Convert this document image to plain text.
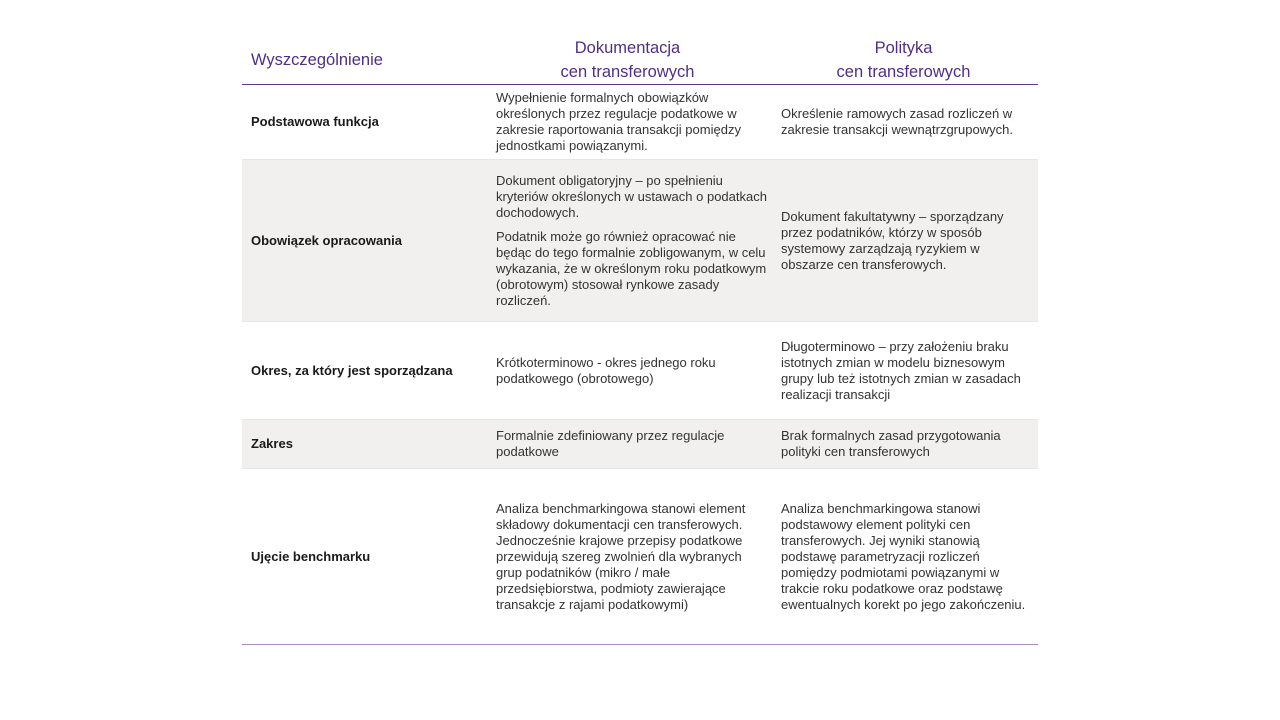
Wyszczególnienie
Dokumentacja
cen transferowych
Polityka
cen transferowych
Podstawowa funkcja
Wypełnienie formalnych obowiązków określonych przez regulacje podatkowe w zakresie raportowania transakcji pomiędzy jednostkami powiązanymi.
Określenie ramowych zasad rozliczeń w zakresie transakcji wewnątrzgrupowych.
Obowiązek opracowania
Dokument obligatoryjny – po spełnieniu kryteriów określonych w ustawach o podatkach dochodowych.
Podatnik może go również opracować nie będąc do tego formalnie zobligowanym, w celu wykazania, że w określonym roku podatkowym (obrotowym) stosował rynkowe zasady rozliczeń.
Dokument fakultatywny – sporządzany przez podatników, którzy w sposób systemowy zarządzają ryzykiem w obszarze cen transferowych.
Okres, za który jest sporządzana
Krótkoterminowo - okres jednego roku podatkowego (obrotowego)
Długoterminowo – przy założeniu braku istotnych zmian w modelu biznesowym grupy lub też istotnych zmian w zasadach realizacji transakcji
Zakres
Formalnie zdefiniowany przez regulacje podatkowe
Brak formalnych zasad przygotowania polityki cen transferowych
Ujęcie benchmarku
Analiza benchmarkingowa stanowi element składowy dokumentacji cen transferowych. Jednocześnie krajowe przepisy podatkowe przewidują szereg zwolnień dla wybranych grup podatników (mikro / małe przedsiębiorstwa, podmioty zawierające transakcje z rajami podatkowymi)
Analiza benchmarkingowa stanowi podstawowy element polityki cen transferowych. Jej wyniki stanowią podstawę parametryzacji rozliczeń pomiędzy podmiotami powiązanymi w trakcie roku podatkowe oraz podstawę ewentualnych korekt po jego zakończeniu.
